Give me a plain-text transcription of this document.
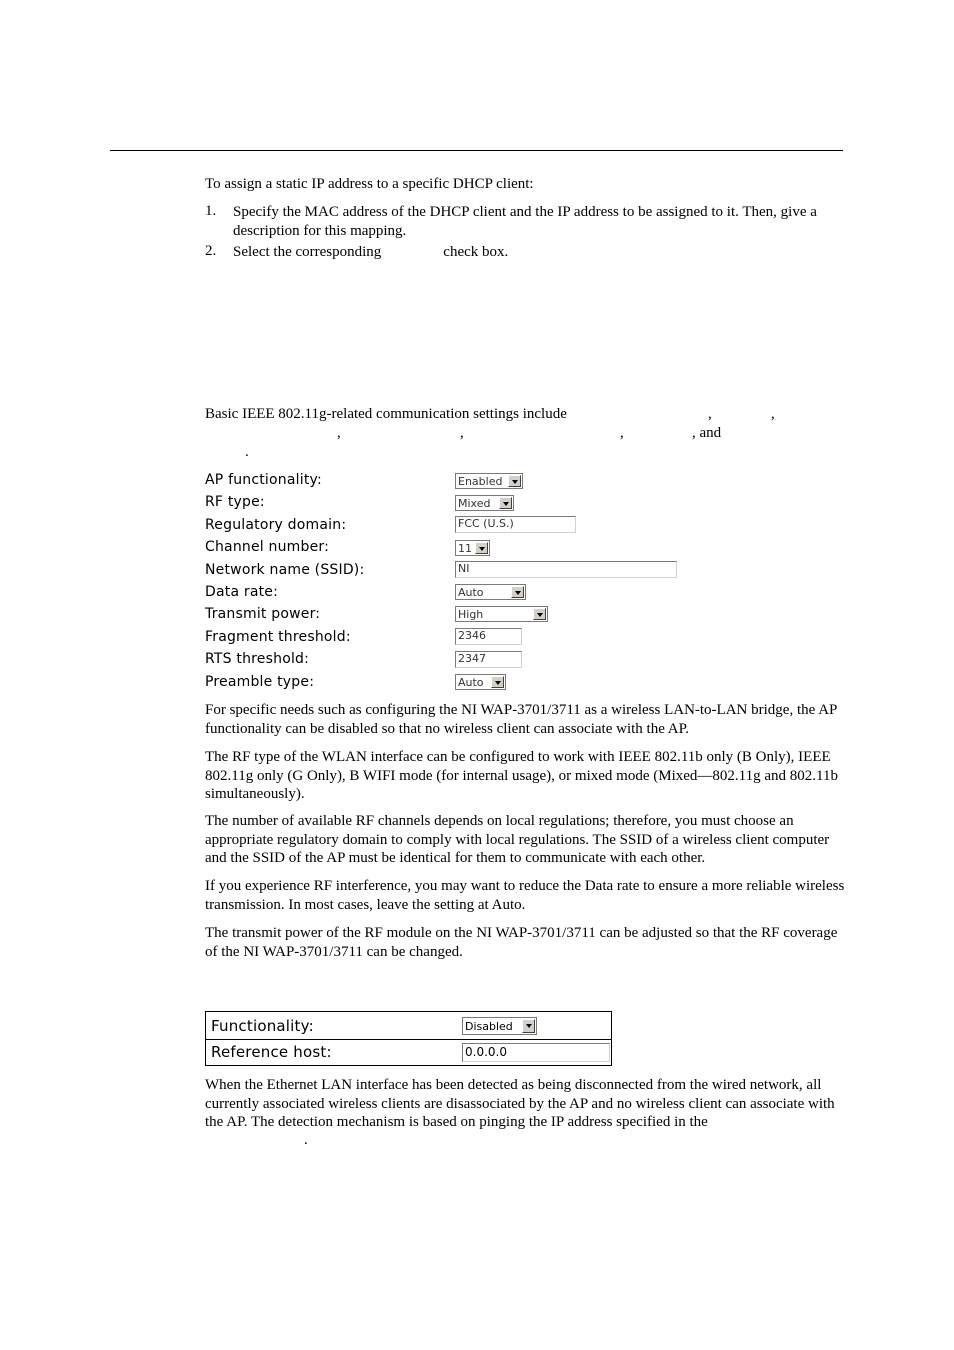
To assign a static IP address to a specific DHCP client:

1. Specify the MAC address of the DHCP client and the IP address to be assigned to it. Then, give a description for this mapping.
2. Select the corresponding	check box.
Basic IEEE 802.11g-related communication settings include	,	,
,	,	,	, and
.
AP functionality:	Enabled
RF type:	Mixed
Regulatory domain:	FCC (U.S.)
Channel number:	11
Network name (SSID):	NI
Data rate:	Auto
Transmit power:	High
Fragment threshold:	2346
RTS threshold:	2347
Preamble type:	Auto

For specific needs such as configuring the NI WAP-3701/3711 as a wireless LAN-to-LAN bridge, the AP functionality can be disabled so that no wireless client can associate with the AP.

The RF type of the WLAN interface can be configured to work with IEEE 802.11b only (B Only), IEEE 802.11g only (G Only), B WIFI mode (for internal usage), or mixed mode (Mixed—802.11g and 802.11b simultaneously).

The number of available RF channels depends on local regulations; therefore, you must choose an appropriate regulatory domain to comply with local regulations. The SSID of a wireless client computer and the SSID of the AP must be identical for them to communicate with each other.

If you experience RF interference, you may want to reduce the Data rate to ensure a more reliable wireless transmission. In most cases, leave the setting at Auto.

The transmit power of the RF module on the NI WAP-3701/3711 can be adjusted so that the RF coverage of the NI WAP-3701/3711 can be changed.

Functionality:	Disabled
Reference host:	0.0.0.0

When the Ethernet LAN interface has been detected as being disconnected from the wired network, all currently associated wireless clients are disassociated by the AP and no wireless client can associate with the AP. The detection mechanism is based on pinging the IP address specified in the

.
